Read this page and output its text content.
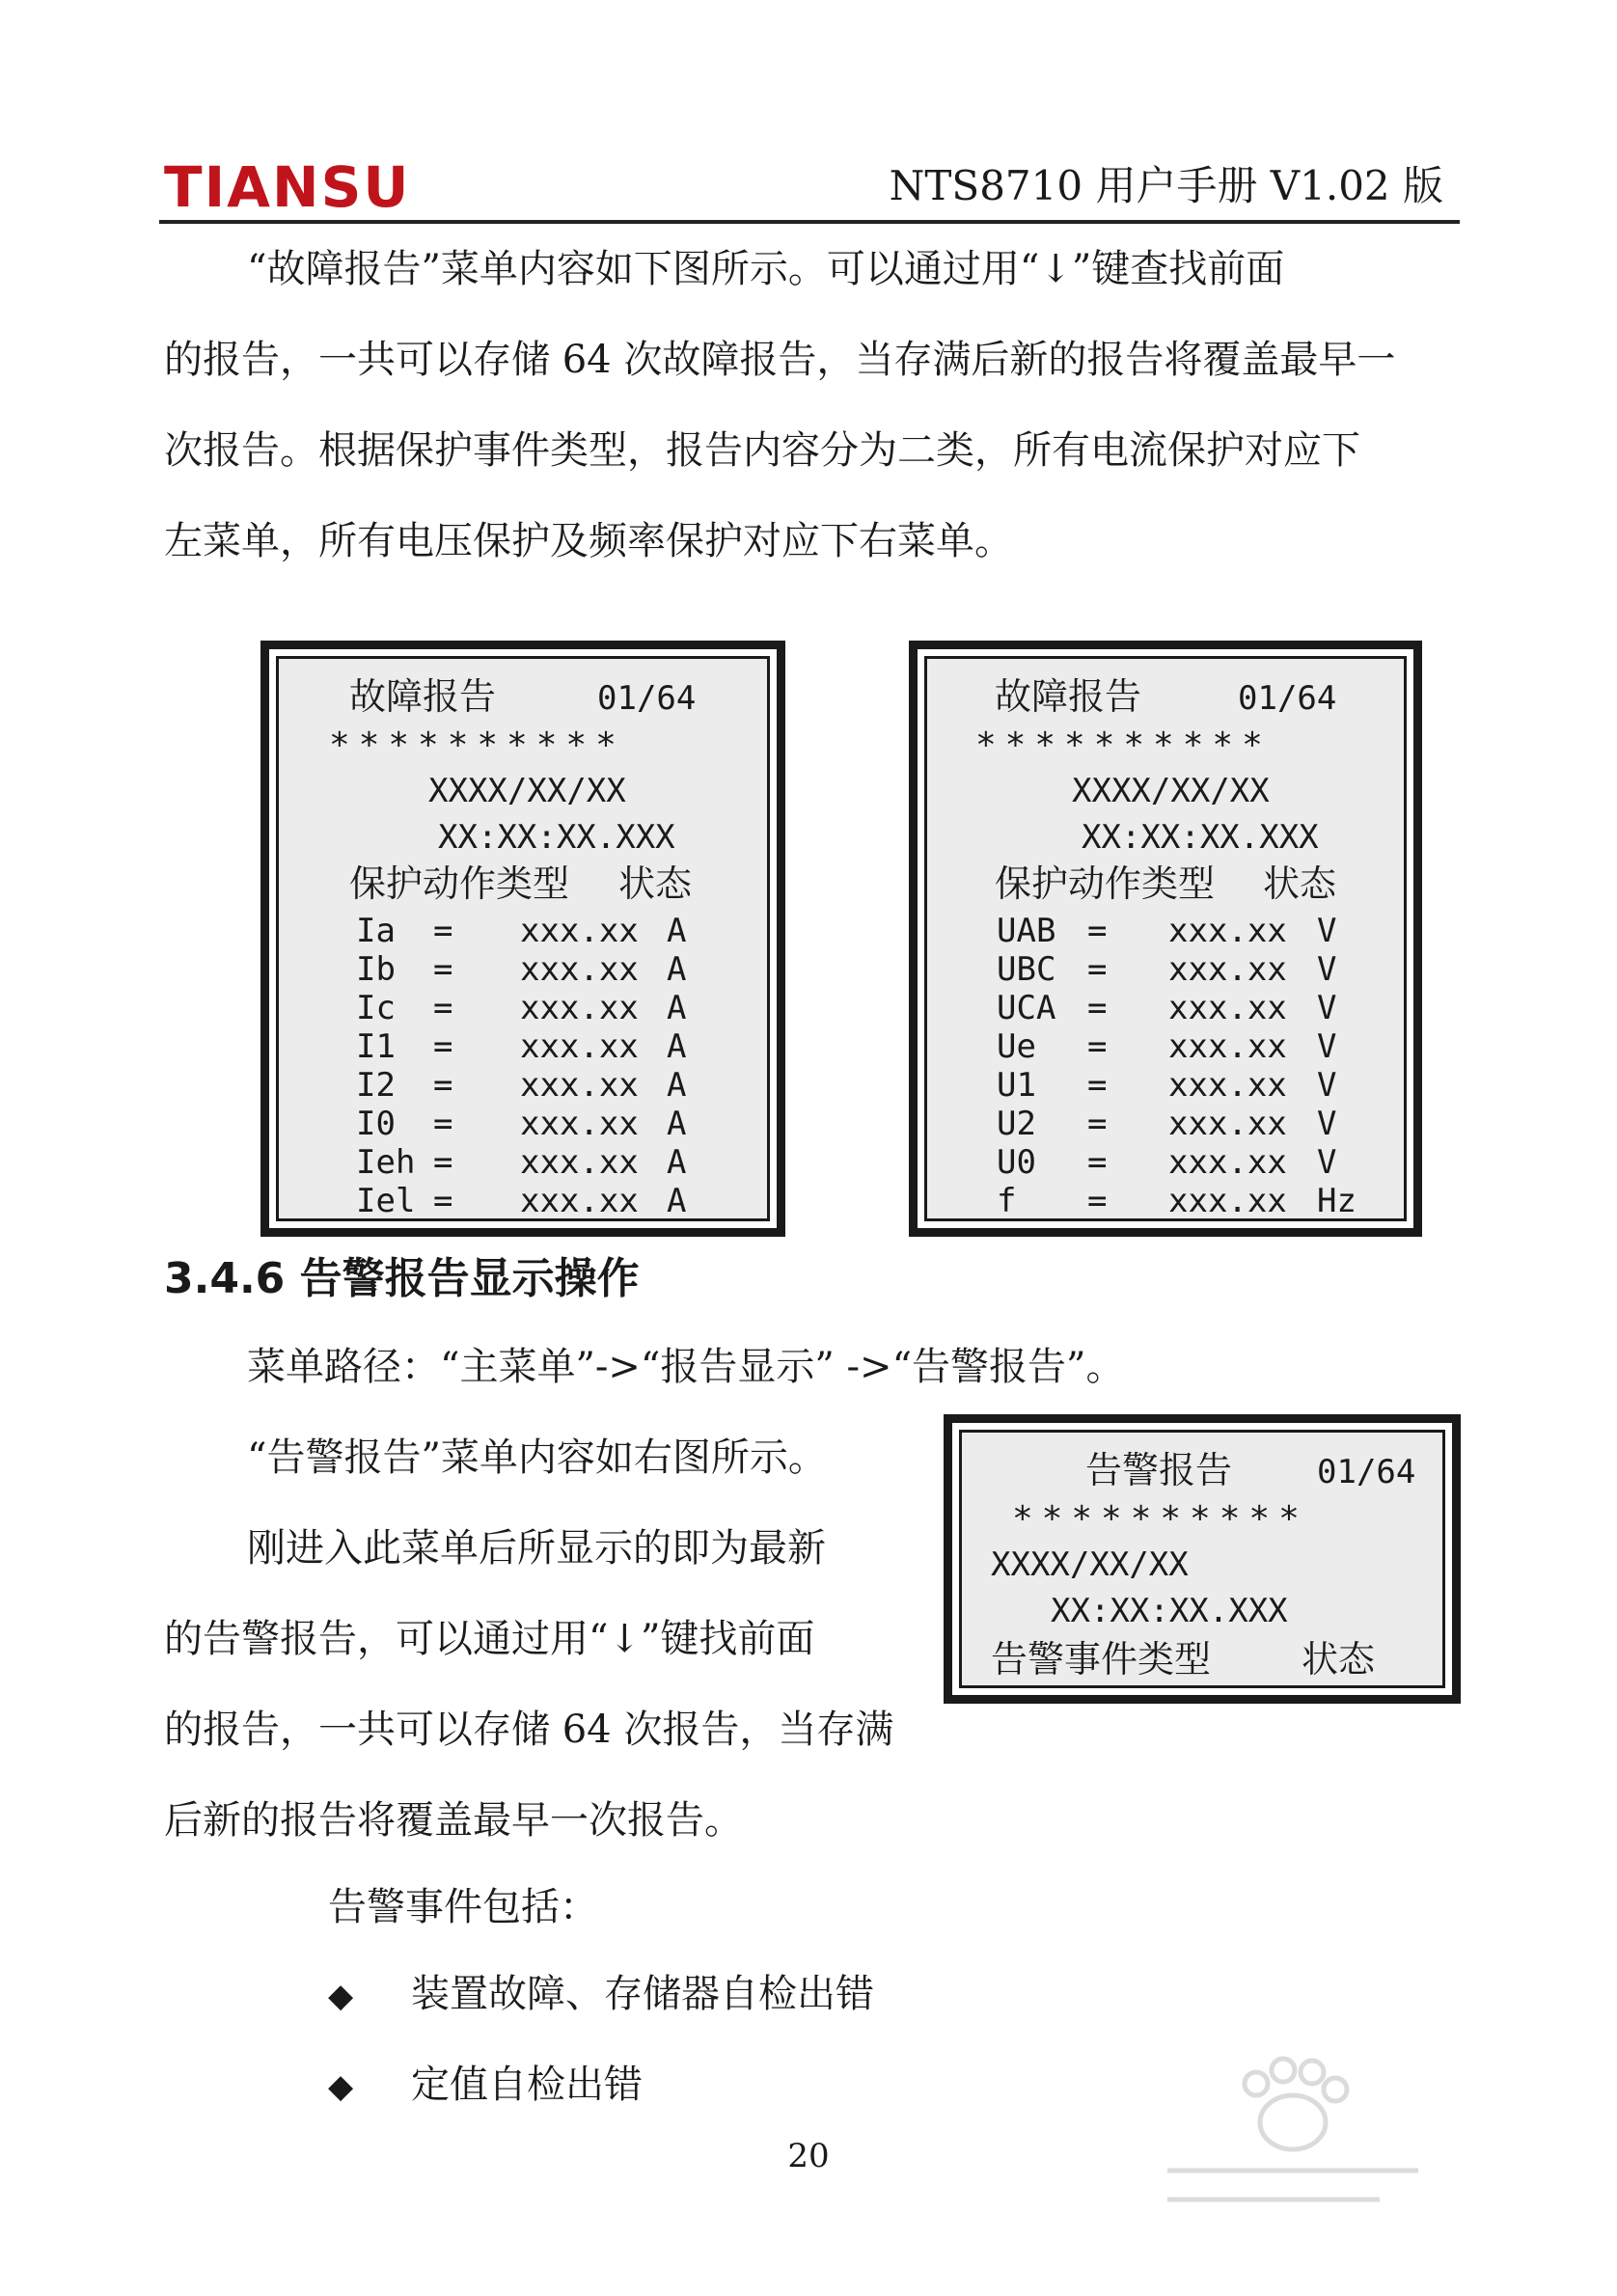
TIANSU	NTS8710 用户手册 V1.02 版
“故障报告”菜单内容如下图所示。可以通过用“↓”键查找前面
的报告，一共可以存储 64 次故障报告，当存满后新的报告将覆盖最早一
次报告。根据保护事件类型，报告内容分为二类，所有电流保护对应下
左菜单，所有电压保护及频率保护对应下右菜单。
故障报告	01/64
**********
XXXX/XX/XX
XX:XX:XX.XXX
保护动作类型 状态
Ia = xxx.xx A
Ib = xxx.xx A
Ic = xxx.xx A
I1 = xxx.xx A
I2 = xxx.xx A
I0 = xxx.xx A
Ieh = xxx.xx A
Iel = xxx.xx A
故障报告	01/64
**********
XXXX/XX/XX
XX:XX:XX.XXX
保护动作类型 状态
UAB = xxx.xx V
UBC = xxx.xx V
UCA = xxx.xx V
Ue = xxx.xx V
U1 = xxx.xx V
U2 = xxx.xx V
U0 = xxx.xx V
f = xxx.xx Hz
3.4.6 告警报告显示操作
菜单路径：“主菜单”->“报告显示” ->“告警报告”。
“告警报告”菜单内容如右图所示。
刚进入此菜单后所显示的即为最新
的告警报告，可以通过用“↓”键找前面
的报告，一共可以存储 64 次报告，当存满
后新的报告将覆盖最早一次报告。
告警报告	01/64
**********
XXXX/XX/XX
XX:XX:XX.XXX
告警事件类型 状态
告警事件包括：
◆ 装置故障、存储器自检出错
◆ 定值自检出错
20
